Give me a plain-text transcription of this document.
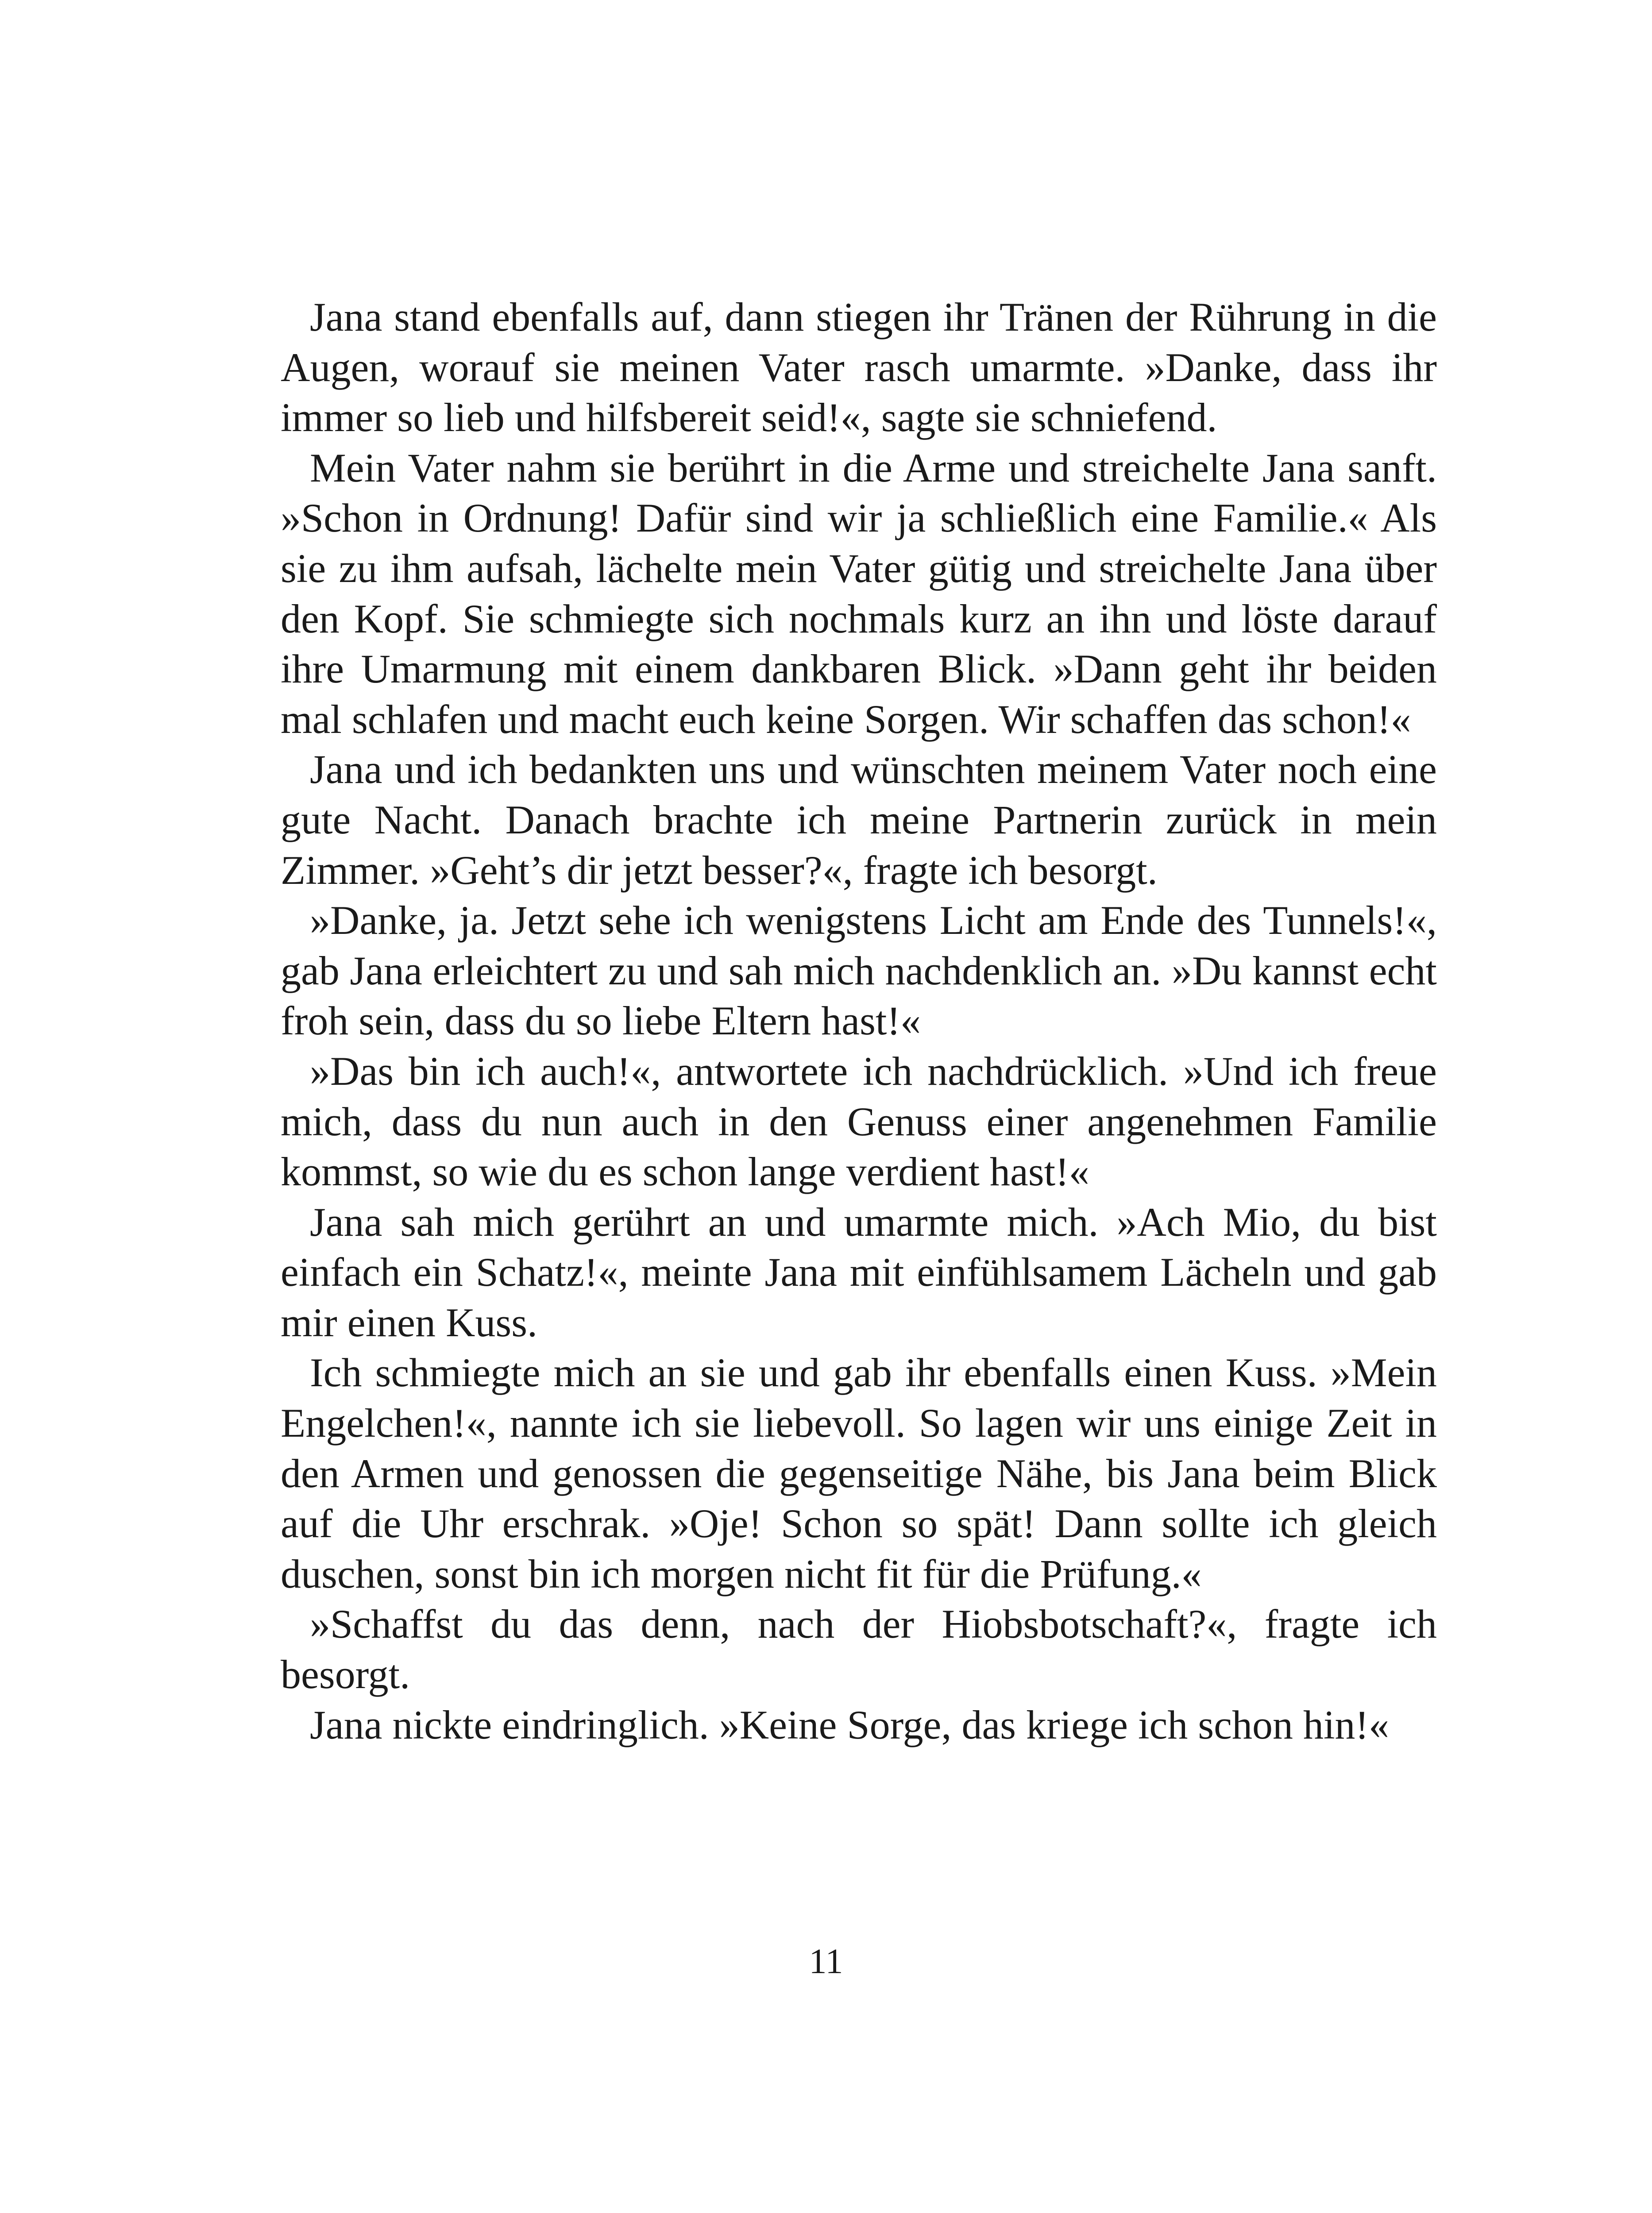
Jana stand ebenfalls auf, dann stiegen ihr Tränen der Rührung in die Augen, worauf sie meinen Vater rasch umarmte. »Danke, dass ihr immer so lieb und hilfsbereit seid!«, sagte sie schniefend.

Mein Vater nahm sie berührt in die Arme und streichelte Jana sanft. »Schon in Ordnung! Dafür sind wir ja schließlich eine Familie.« Als sie zu ihm aufsah, lächelte mein Vater gütig und streichelte Jana über den Kopf. Sie schmiegte sich nochmals kurz an ihn und löste darauf ihre Umarmung mit einem dankbaren Blick. »Dann geht ihr beiden mal schlafen und macht euch keine Sorgen. Wir schaffen das schon!«

Jana und ich bedankten uns und wünschten meinem Vater noch eine gute Nacht. Danach brachte ich meine Partnerin zurück in mein Zimmer. »Geht’s dir jetzt besser?«, fragte ich besorgt.

»Danke, ja. Jetzt sehe ich wenigstens Licht am Ende des Tunnels!«, gab Jana erleichtert zu und sah mich nachdenklich an. »Du kannst echt froh sein, dass du so liebe Eltern hast!«

»Das bin ich auch!«, antwortete ich nachdrücklich. »Und ich freue mich, dass du nun auch in den Genuss einer angenehmen Familie kommst, so wie du es schon lange verdient hast!«

Jana sah mich gerührt an und umarmte mich. »Ach Mio, du bist einfach ein Schatz!«, meinte Jana mit einfühlsamem Lächeln und gab mir einen Kuss.

Ich schmiegte mich an sie und gab ihr ebenfalls einen Kuss. »Mein Engelchen!«, nannte ich sie liebevoll. So lagen wir uns einige Zeit in den Armen und genossen die gegenseitige Nähe, bis Jana beim Blick auf die Uhr erschrak. »Oje! Schon so spät! Dann sollte ich gleich duschen, sonst bin ich morgen nicht fit für die Prüfung.«

»Schaffst du das denn, nach der Hiobsbotschaft?«, fragte ich besorgt.

Jana nickte eindringlich. »Keine Sorge, das kriege ich schon hin!«

11
